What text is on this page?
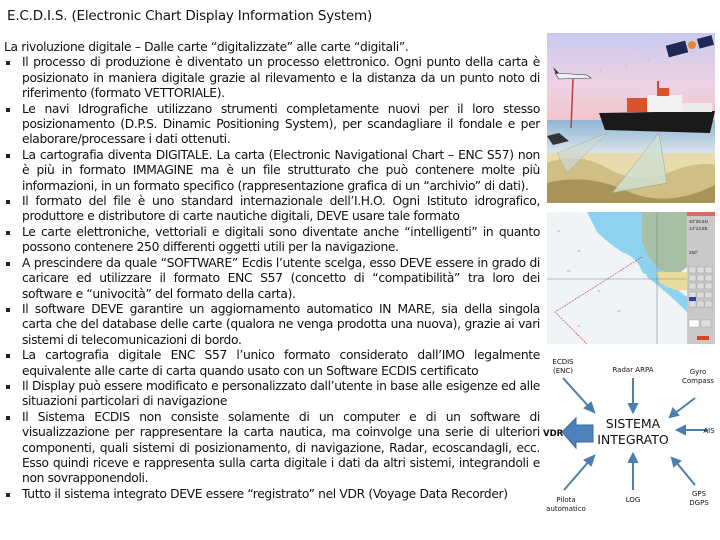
E.C.D.I.S. (Electronic Chart Display Information System)
La rivoluzione digitale – Dalle carte “digitalizzate” alle carte “digitali”.
Il processo di produzione è diventato un processo elettronico. Ogni punto della carta è posizionato in maniera digitale grazie al rilevamento e la distanza da un punto noto di riferimento (formato VETTORIALE).
Le navi Idrografiche utilizzano strumenti completamente nuovi per il loro stesso posizionamento (D.P.S. Dinamic Positioning System), per scandagliare il fondale e per elaborare/processare i dati ottenuti.
La cartografia diventa DIGITALE. La carta (Electronic Navigational Chart – ENC S57) non è più in formato IMMAGINE ma è un file strutturato che può contenere molte più informazioni, in un formato specifico (rappresentazione grafica di un “archivio” di dati).
Il formato del file è uno standard internazionale dell’I.H.O. Ogni Istituto idrografico, produttore e distributore di carte nautiche digitali, DEVE usare tale formato
Le carte elettroniche, vettoriali e digitali sono diventate anche “intelligenti” in quanto possono contenere 250 differenti oggetti utili per la navigazione.
A prescindere da quale “SOFTWARE” Ecdis l’utente scelga, esso DEVE essere in grado di caricare ed utilizzare il formato ENC S57 (concetto di “compatibilità” tra loro dei software e “univocità” del formato della carta).
Il software DEVE garantire un aggiornamento automatico IN MARE, sia della singola carta che del database delle carte (qualora ne venga prodotta una nuova), grazie ai vari sistemi di telecomunicazioni di bordo.
La cartografia digitale ENC S57 l’unico formato considerato dall’IMO legalmente equivalente alle carte di carta quando usato con un Software ECDIS certificato
Il Display può essere modificato e personalizzato dall’utente in base alle esigenze ed alle situazioni particolari di navigazione
Il Sistema ECDIS non consiste solamente di un computer e di un software di visualizzazione per rappresentare la carta nautica, ma coinvolge una serie di ulteriori componenti, quali sistemi di posizionamento, di navigazione, Radar, ecoscandagli, ecc. Esso quindi riceve e rappresenta sulla carta digitale i dati da altri sistemi, integrandoli e non sovrapponendoli.
Tutto il sistema integrato DEVE essere “registrato” nel VDR (Voyage Data Recorder)
☾
☾
☾
12
18
25
31
40
44
40°25.6N
14°13.8E
250°
ECDIS
(ENC)	Radar ARPA	Gyro
Compass
SISTEMA
INTEGRATO
AIS
VDR
Pilota
automatico
LOG
GPS
DGPS
